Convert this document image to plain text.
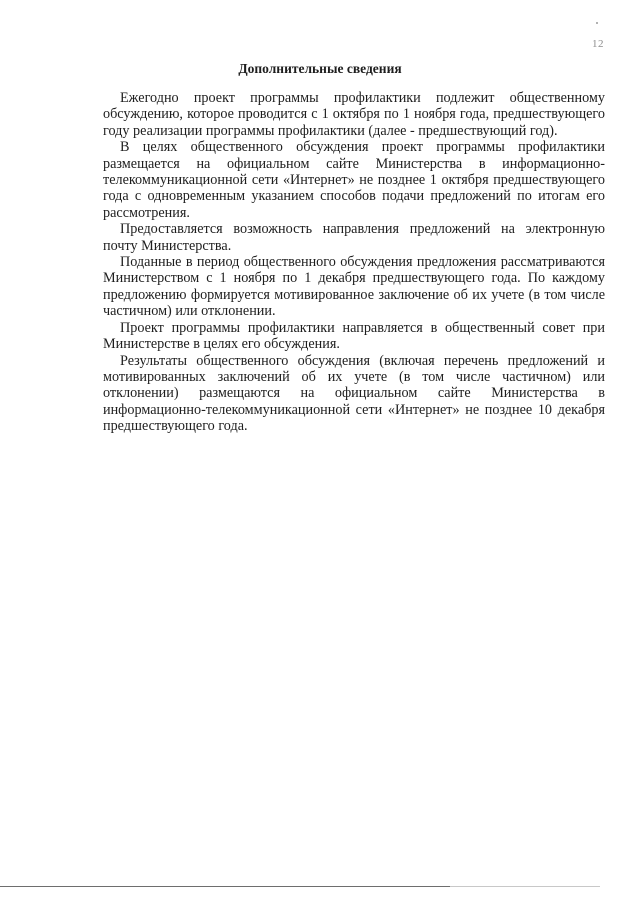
12
Дополнительные сведения

Ежегодно проект программы профилактики подлежит общественному обсуждению, которое проводится с 1 октября по 1 ноября года, предшествующего году реализации программы профилактики (далее - предшествующий год).

В целях общественного обсуждения проект программы профилактики размещается на официальном сайте Министерства в информационно-телекоммуникационной сети «Интернет» не позднее 1 октября предшествующего года с одновременным указанием способов подачи предложений по итогам его рассмотрения.

Предоставляется возможность направления предложений на электронную почту Министерства.

Поданные в период общественного обсуждения предложения рассматриваются Министерством с 1 ноября по 1 декабря предшествующего года. По каждому предложению формируется мотивированное заключение об их учете (в том числе частичном) или отклонении.

Проект программы профилактики направляется в общественный совет при Министерстве в целях его обсуждения.

Результаты общественного обсуждения (включая перечень предложений и мотивированных заключений об их учете (в том числе частичном) или отклонении) размещаются на официальном сайте Министерства в информационно-телекоммуникационной сети «Интернет» не позднее 10 декабря предшествующего года.
